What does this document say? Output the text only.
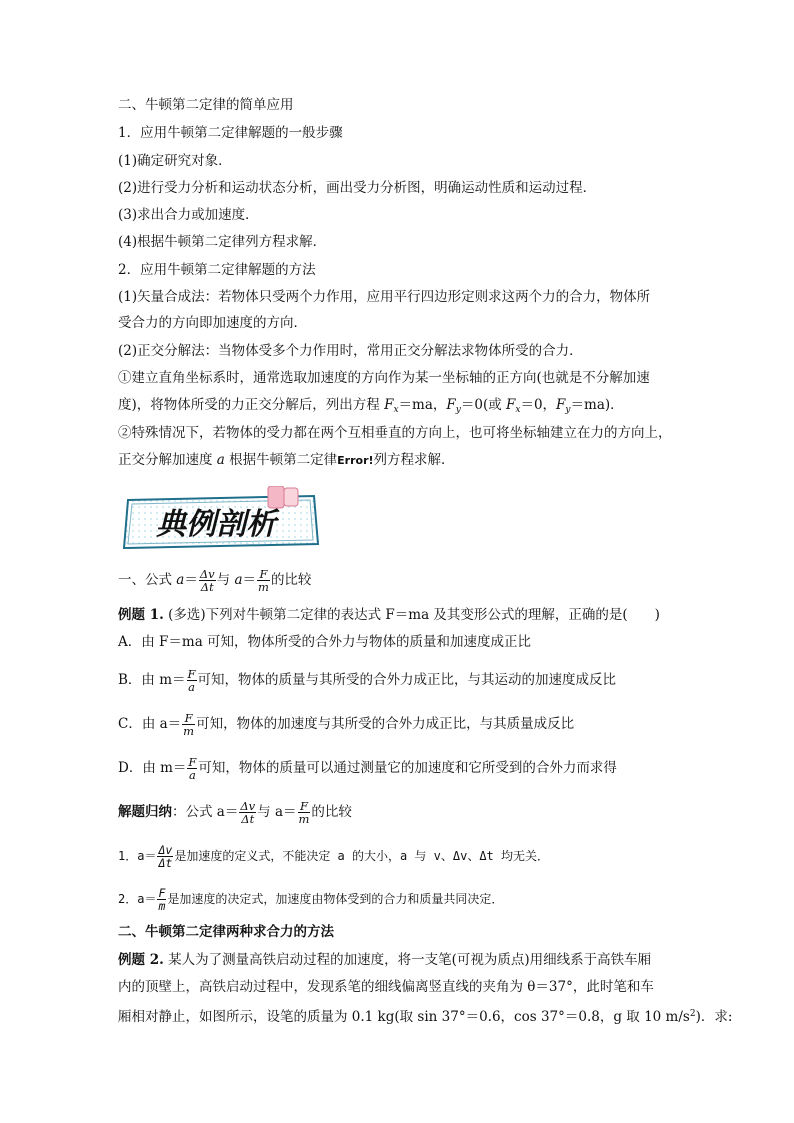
二、牛顿第二定律的简单应用
1．应用牛顿第二定律解题的一般步骤
(1)确定研究对象．
(2)进行受力分析和运动状态分析，画出受力分析图，明确运动性质和运动过程．
(3)求出合力或加速度．
(4)根据牛顿第二定律列方程求解．
2．应用牛顿第二定律解题的方法
(1)矢量合成法：若物体只受两个力作用，应用平行四边形定则求这两个力的合力，物体所
受合力的方向即加速度的方向．
(2)正交分解法：当物体受多个力作用时，常用正交分解法求物体所受的合力．
①建立直角坐标系时，通常选取加速度的方向作为某一坐标轴的正方向(也就是不分解加速
度)，将物体所受的力正交分解后，列出方程 $F_x=ma$，$F_y=0$(或 $F_x=0$，$F_y=ma$)．
②特殊情况下，若物体的受力都在两个互相垂直的方向上，也可将坐标轴建立在力的方向上，
正交分解加速度 a 根据牛顿第二定律Error!列方程求解．
典例剖析
一、公式 $a= \frac{\Delta v}{\Delta t}$ 与 $a= \frac{F}{m}$ 的比较
例题 1. (多选)下列对牛顿第二定律的表达式 F＝ma 及其变形公式的理解，正确的是(　　)
A．由 F＝ma 可知，物体所受的合外力与物体的质量和加速度成正比
B．由 $m= \frac{F}{a}$ 可知，物体的质量与其所受的合外力成正比，与其运动的加速度成反比
C．由 $a= \frac{F}{m}$ 可知，物体的加速度与其所受的合外力成正比，与其质量成反比
D．由 $m= \frac{F}{a}$ 可知，物体的质量可以通过测量它的加速度和它所受到的合外力而求得
解题归纳：公式 $a= \frac{\Delta v}{\Delta t}$ 与 $a= \frac{F}{m}$ 的比较
1．$a= \frac{\Delta v}{\Delta t}$ 是加速度的定义式，不能决定 a 的大小，a 与 v、Δv、Δt 均无关．
2．$a= \frac{F}{m}$ 是加速度的决定式，加速度由物体受到的合力和质量共同决定．
二、牛顿第二定律两种求合力的方法
例题 2. 某人为了测量高铁启动过程的加速度，将一支笔(可视为质点)用细线系于高铁车厢
内的顶壁上，高铁启动过程中，发现系笔的细线偏离竖直线的夹角为 θ＝37°，此时笔和车
厢相对静止，如图所示，设笔的质量为 0.1 kg(取 sin 37°＝0.6，cos 37°＝0.8，g 取 10 $m/s^2$)．求:
